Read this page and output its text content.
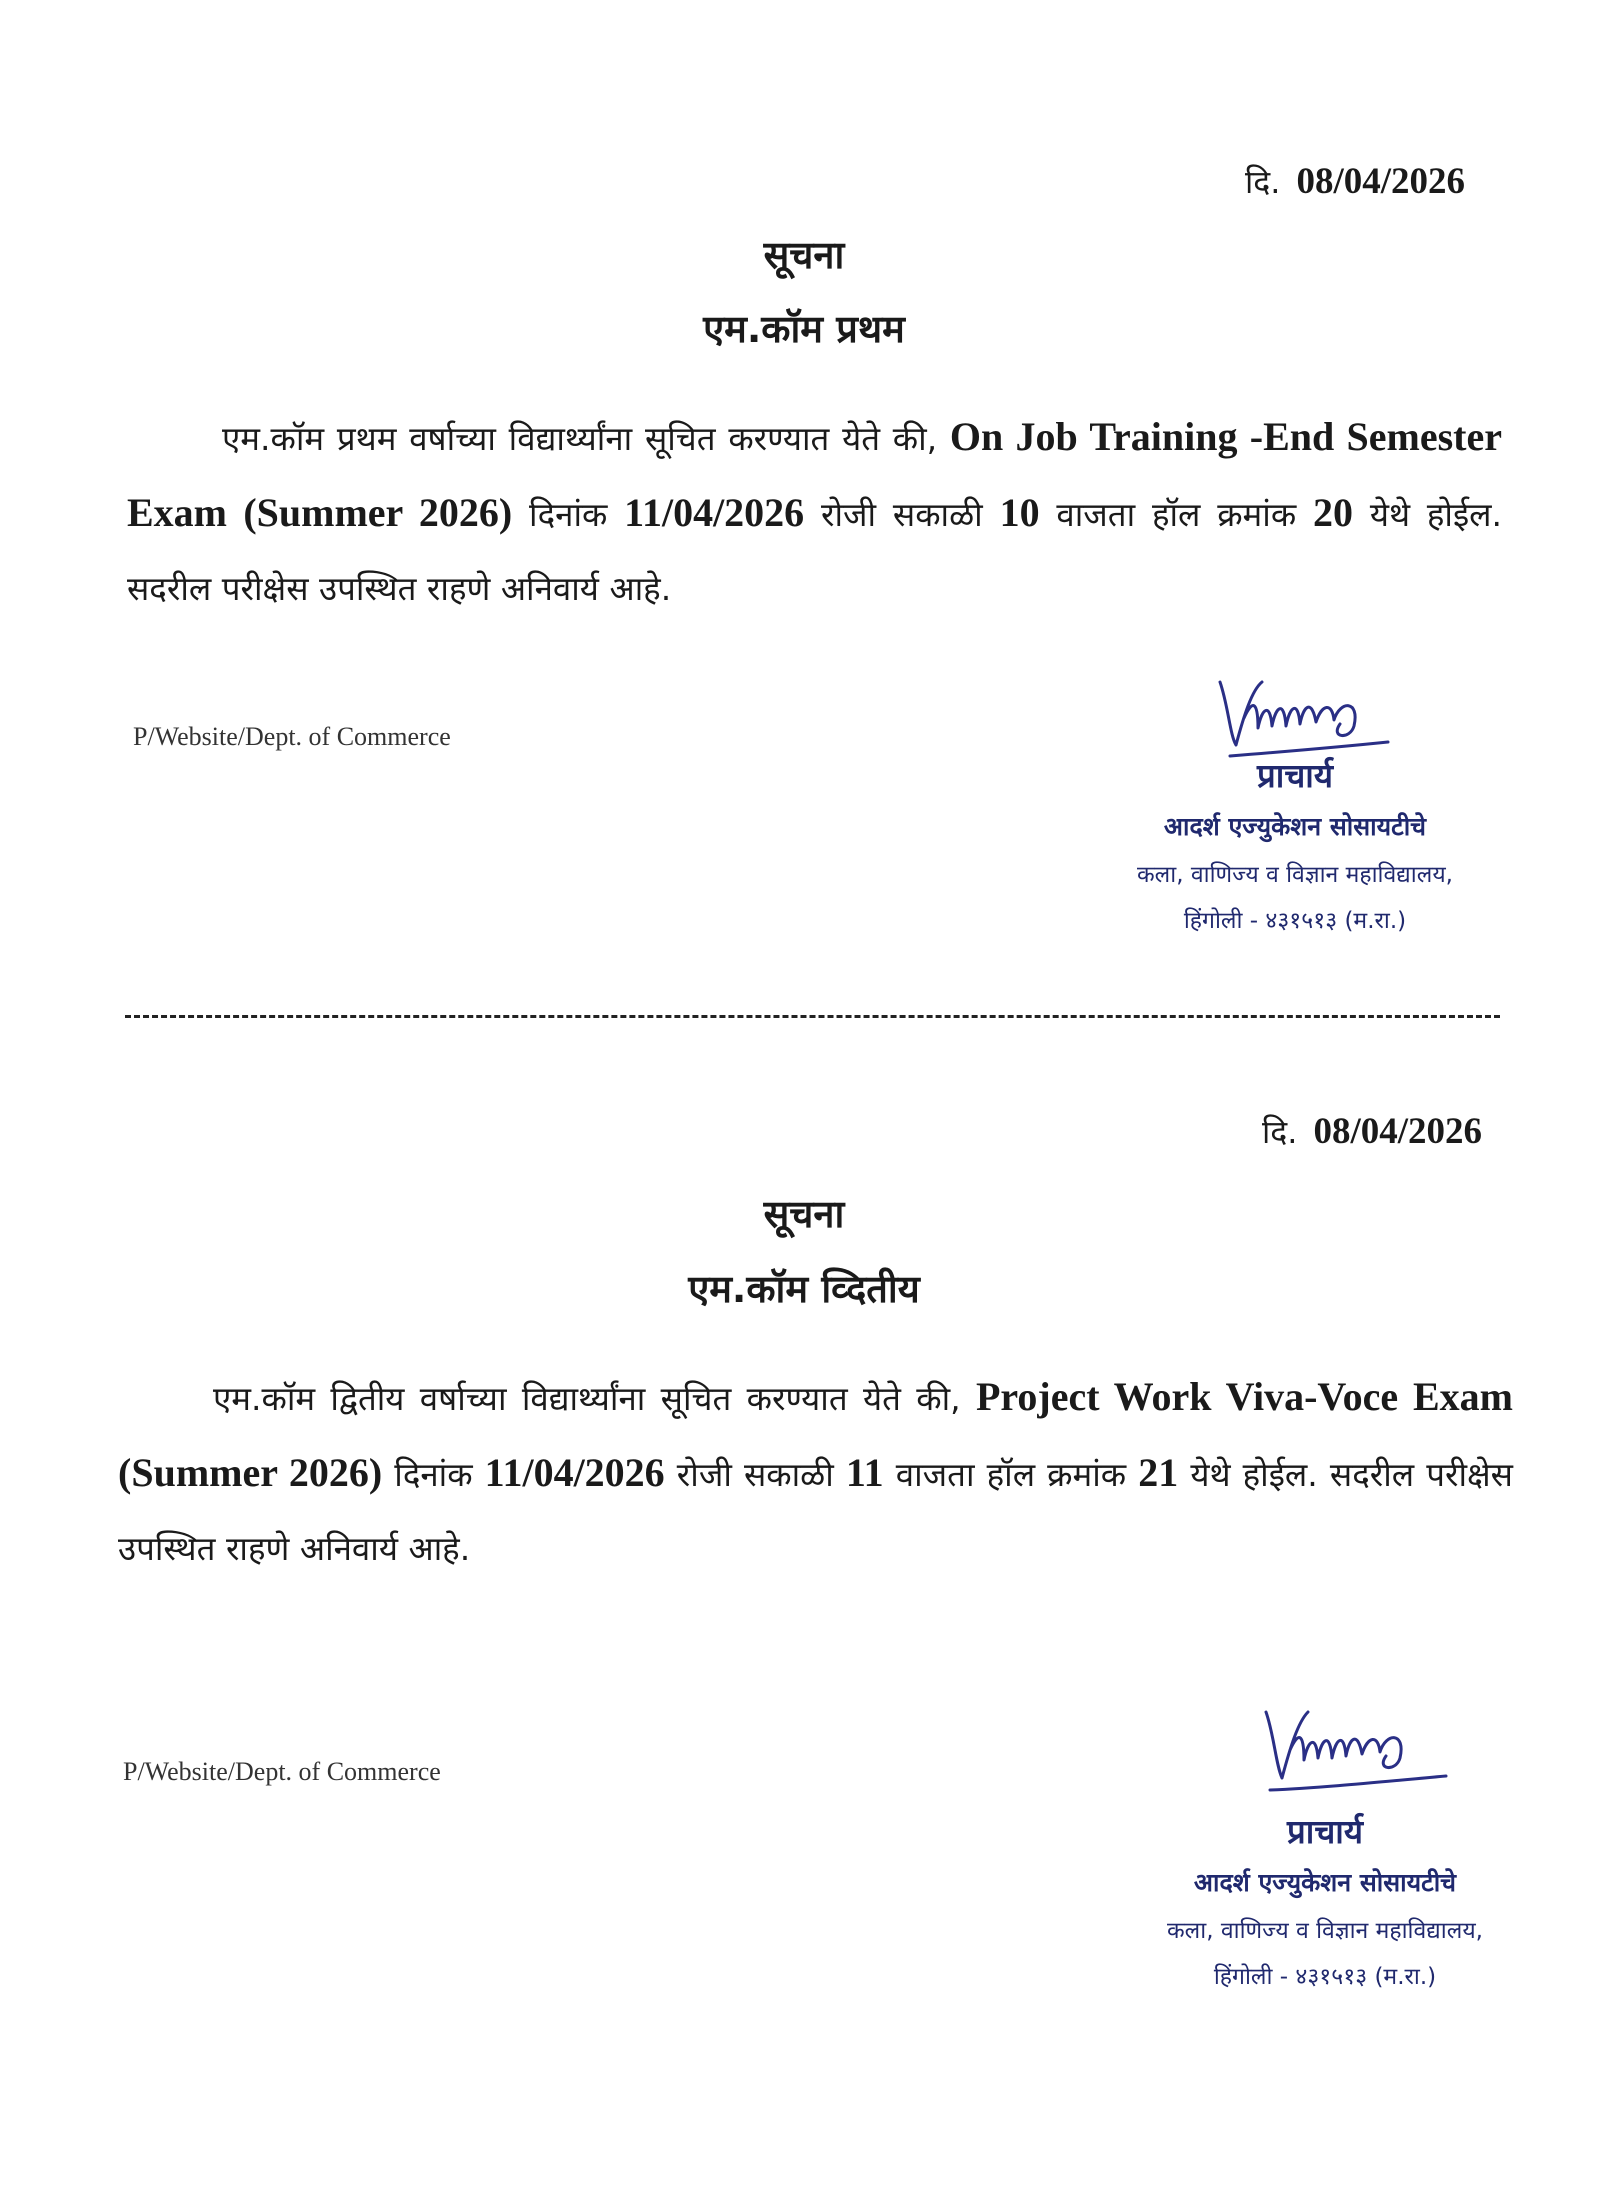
दि. 08/04/2026
सूचना
एम.कॉम प्रथम
एम.कॉम प्रथम वर्षाच्या विद्यार्थ्यांना सूचित करण्यात येते की, On Job Training -End Semester Exam (Summer 2026) दिनांक 11/04/2026 रोजी सकाळी 10 वाजता हॉल क्रमांक 20 येथे होईल. सदरील परीक्षेस उपस्थित राहणे अनिवार्य आहे.
P/Website/Dept. of Commerce
प्राचार्य
आदर्श एज्युकेशन सोसायटीचे
कला, वाणिज्य व विज्ञान महाविद्यालय,
हिंगोली - ४३१५१३ (म.रा.)
दि. 08/04/2026
सूचना
एम.कॉम व्दितीय
एम.कॉम द्वितीय वर्षाच्या विद्यार्थ्यांना सूचित करण्यात येते की, Project Work Viva-Voce Exam (Summer 2026) दिनांक 11/04/2026 रोजी सकाळी 11 वाजता हॉल क्रमांक 21 येथे होईल. सदरील परीक्षेस उपस्थित राहणे अनिवार्य आहे.
P/Website/Dept. of Commerce
प्राचार्य
आदर्श एज्युकेशन सोसायटीचे
कला, वाणिज्य व विज्ञान महाविद्यालय,
हिंगोली - ४३१५१३ (म.रा.)
